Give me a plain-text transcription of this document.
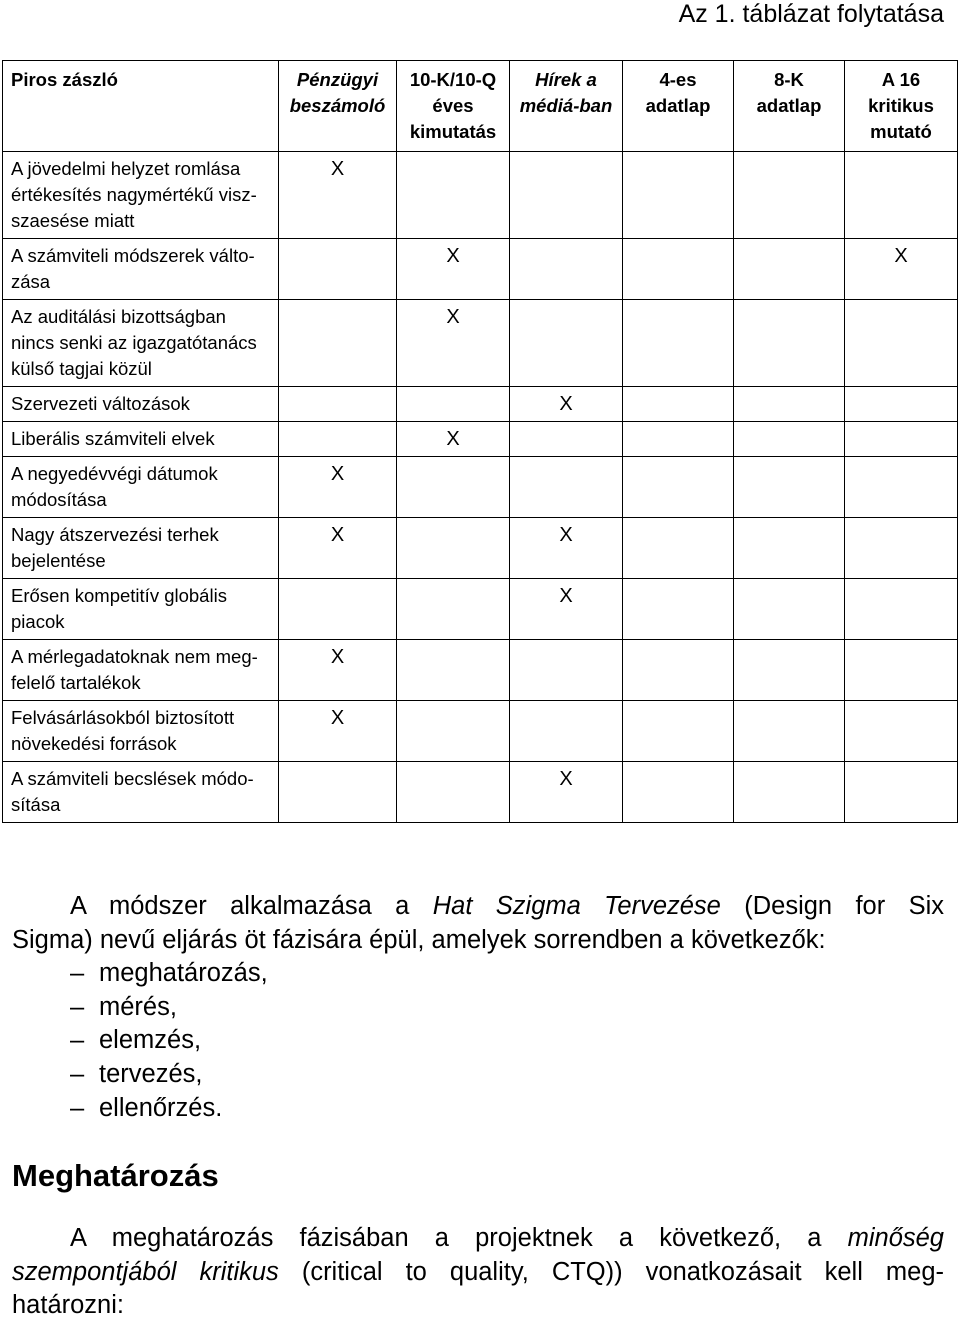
Az 1. táblázat folytatása
Piros zászló	Pénzügyi beszámoló	10-K/10-Q éves kimutatás	Hírek a médiá-ban	4-es adatlap	8-K adatlap	A 16 kritikus mutató
A jövedelmi helyzet romlása értékesítés nagymértékű visz-szaesése miatt	X					
A számviteli módszerek válto-zása		X				X
Az auditálási bizottságban nincs senki az igazgatótanács külső tagjai közül		X				
Szervezeti változások			X			
Liberális számviteli elvek		X				
A negyedévvégi dátumok módosítása	X					
Nagy átszervezési terhek bejelentése	X		X			
Erősen kompetitív globális piacok			X			
A mérlegadatoknak nem meg-felelő tartalékok	X					
Felvásárlásokból biztosított növekedési források	X					
A számviteli becslések módo-sítása			X			
A módszer alkalmazása a Hat Szigma Tervezése (Design for Six
Sigma) nevű eljárás öt fázisára épül, amelyek sorrendben a következők:
– meghatározás,
– mérés,
– elemzés,
– tervezés,
– ellenőrzés.
Meghatározás
A meghatározás fázisában a projektnek a következő, a minőség
szempontjából kritikus (critical to quality, CTQ)) vonatkozásait kell meg-
határozni:
